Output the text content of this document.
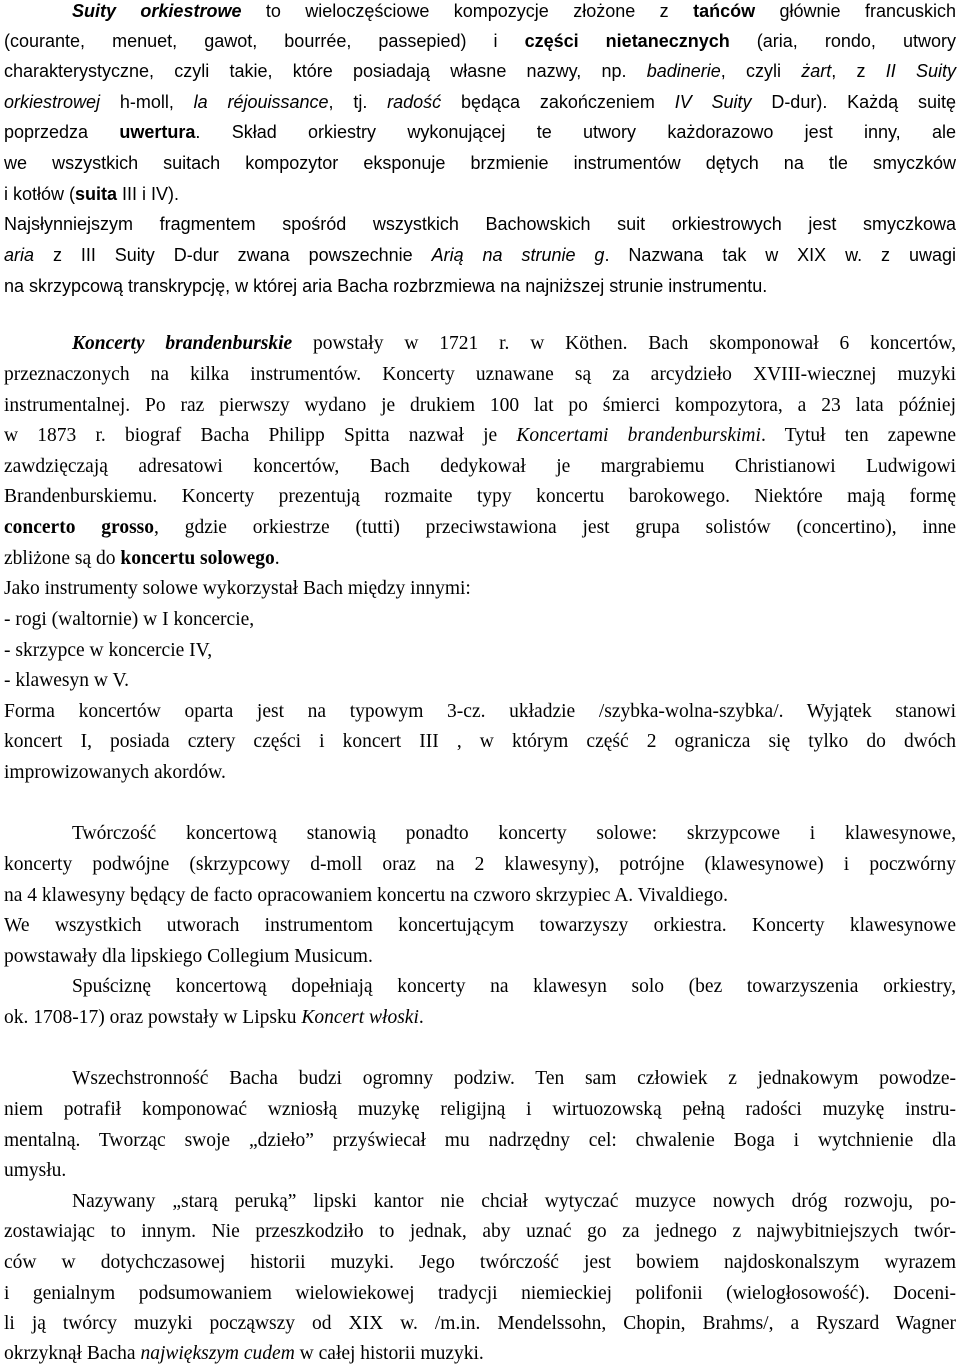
Suity orkiestrowe to wieloczęściowe kompozycje złożone z tańców głównie francuskich
(courante, menuet, gawot, bourrée, passepied) i części nietanecznych (aria, rondo, utwory
charakterystyczne, czyli takie, które posiadają własne nazwy, np. badinerie, czyli żart, z II Suity
orkiestrowej h-moll, la réjouissance, tj. radość będąca zakończeniem IV Suity D-dur). Każdą suitę
poprzedza uwertura. Skład orkiestry wykonującej te utwory każdorazowo jest inny, ale
we wszystkich suitach kompozytor eksponuje brzmienie instrumentów dętych na tle smyczków
i kotłów (suita III i IV).
Najsłynniejszym fragmentem spośród wszystkich Bachowskich suit orkiestrowych jest smyczkowa
aria z III Suity D-dur zwana powszechnie Arią na strunie g. Nazwana tak w XIX w. z uwagi
na skrzypcową transkrypcję, w której aria Bacha rozbrzmiewa na najniższej strunie instrumentu.
Koncerty brandenburskie powstały w 1721 r. w Köthen. Bach skomponował 6 koncertów,
przeznaczonych na kilka instrumentów. Koncerty uznawane są za arcydzieło XVIII-wiecznej muzyki
instrumentalnej. Po raz pierwszy wydano je drukiem 100 lat po śmierci kompozytora, a 23 lata później
w 1873 r. biograf Bacha Philipp Spitta nazwał je Koncertami brandenburskimi. Tytuł ten zapewne
zawdzięczają adresatowi koncertów, Bach dedykował je margrabiemu Christianowi Ludwigowi
Brandenburskiemu. Koncerty prezentują rozmaite typy koncertu barokowego. Niektóre mają formę
concerto grosso, gdzie orkiestrze (tutti) przeciwstawiona jest grupa solistów (concertino), inne
zbliżone są do koncertu solowego.
Jako instrumenty solowe wykorzystał Bach między innymi:
- rogi (waltornie) w I koncercie,
- skrzypce w koncercie IV,
- klawesyn w V.
Forma koncertów oparta jest na typowym 3-cz. układzie /szybka-wolna-szybka/. Wyjątek stanowi
koncert I, posiada cztery części i koncert III , w którym część 2 ogranicza się tylko do dwóch
improwizowanych akordów.
Twórczość koncertową stanowią ponadto koncerty solowe: skrzypcowe i klawesynowe,
koncerty podwójne (skrzypcowy d-moll oraz na 2 klawesyny), potrójne (klawesynowe) i poczwórny
na 4 klawesyny będący de facto opracowaniem koncertu na czworo skrzypiec A. Vivaldiego.
We wszystkich utworach instrumentom koncertującym towarzyszy orkiestra. Koncerty klawesynowe
powstawały dla lipskiego Collegium Musicum.
Spuściznę koncertową dopełniają koncerty na klawesyn solo (bez towarzyszenia orkiestry,
ok. 1708-17) oraz powstały w Lipsku Koncert włoski.
Wszechstronność Bacha budzi ogromny podziw. Ten sam człowiek z jednakowym powodze-
niem potrafił komponować wzniosłą muzykę religijną i wirtuozowską pełną radości muzykę instru-
mentalną. Tworząc swoje „dzieło” przyświecał mu nadrzędny cel: chwalenie Boga i wytchnienie dla
umysłu.
Nazywany „starą peruką” lipski kantor nie chciał wytyczać muzyce nowych dróg rozwoju, po-
zostawiając to innym. Nie przeszkodziło to jednak, aby uznać go za jednego z najwybitniejszych twór-
ców w dotychczasowej historii muzyki. Jego twórczość jest bowiem najdoskonalszym wyrazem
i genialnym podsumowaniem wielowiekowej tradycji niemieckiej polifonii (wielogłosowość). Doceni-
li ją twórcy muzyki począwszy od XIX w. /m.in. Mendelssohn, Chopin, Brahms/, a Ryszard Wagner
okrzyknął Bacha największym cudem w całej historii muzyki.
